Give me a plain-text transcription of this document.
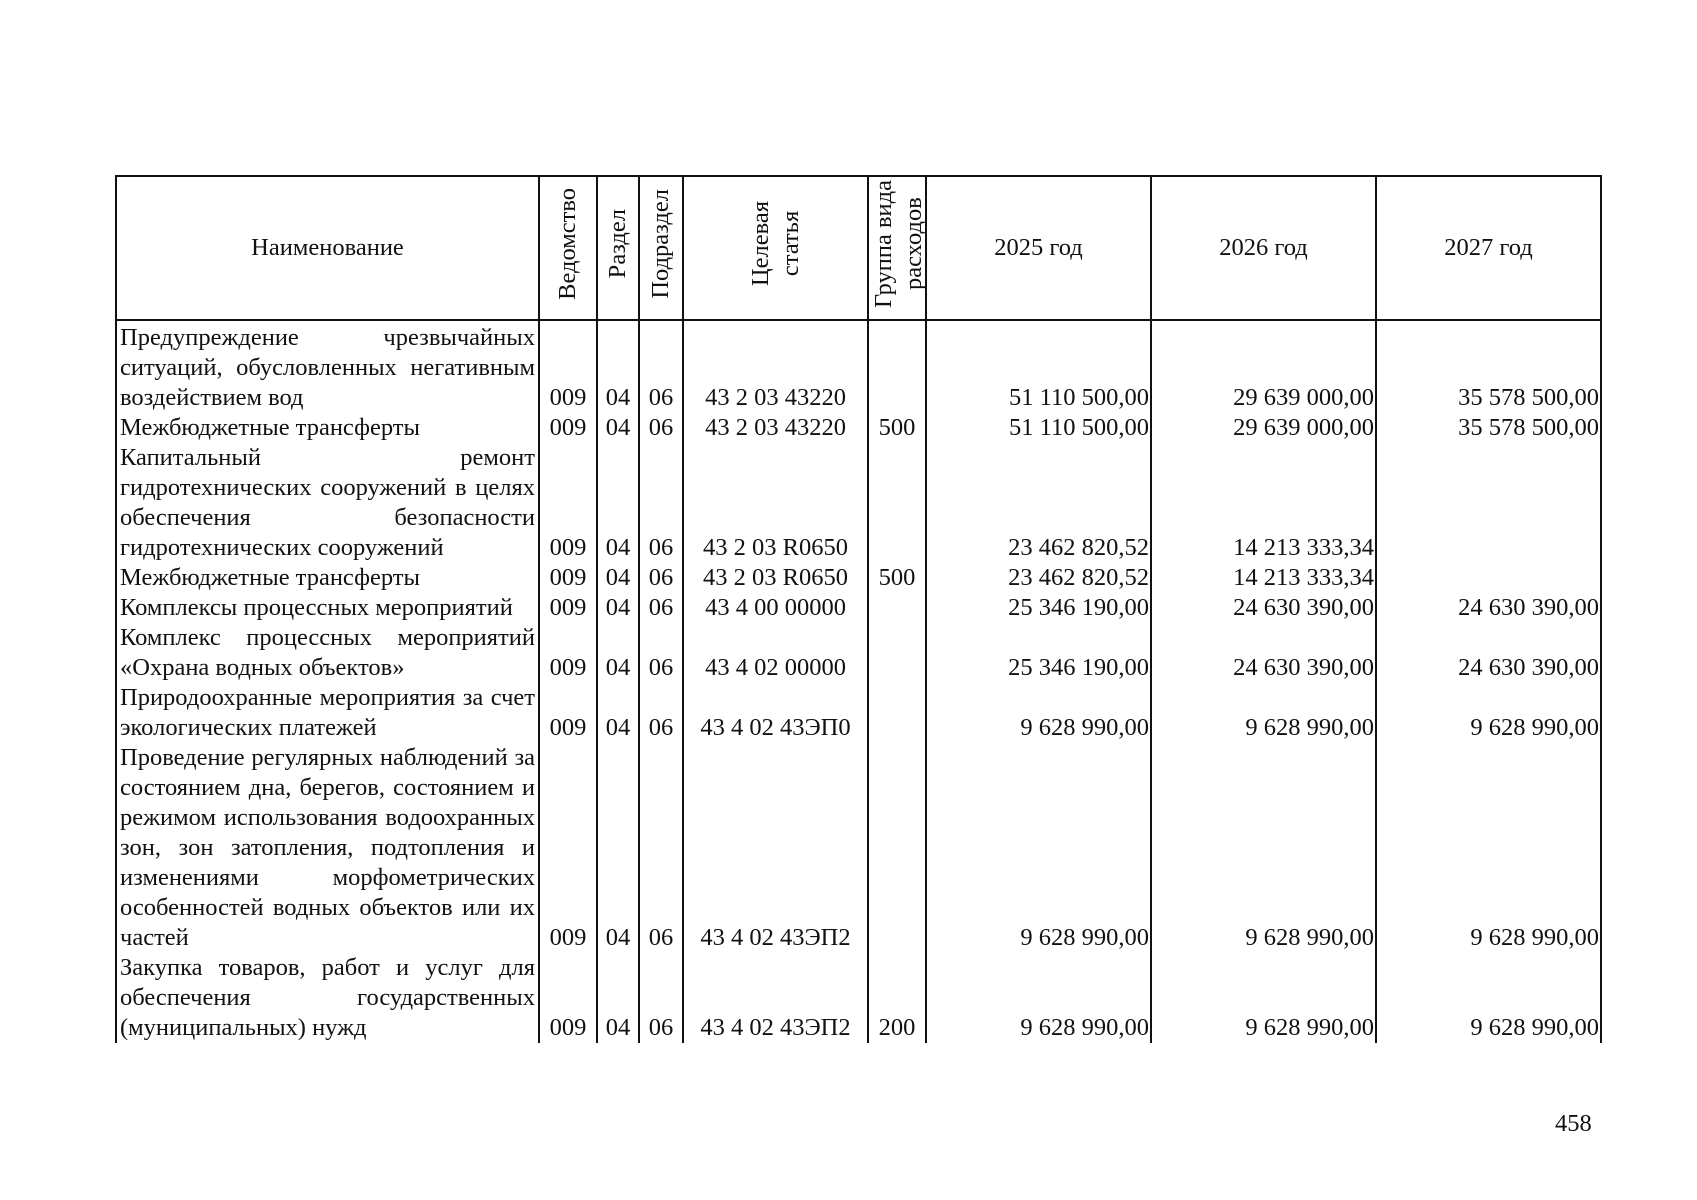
Наименование	Ведомство	Раздел	Подраздел	Целевая статья	Группа вида расходов	2025 год	2026 год	2027 год
Предупреждение чрезвычайных ситуаций, обусловленных негативным воздействием вод	009	04	06	43 2 03 43220		51 110 500,00	29 639 000,00	35 578 500,00
Межбюджетные трансферты	009	04	06	43 2 03 43220	500	51 110 500,00	29 639 000,00	35 578 500,00
Капитальный ремонт гидротехнических сооружений в целях обеспечения безопасности гидротехнических сооружений	009	04	06	43 2 03 R0650		23 462 820,52	14 213 333,34	
Межбюджетные трансферты	009	04	06	43 2 03 R0650	500	23 462 820,52	14 213 333,34	
Комплексы процессных мероприятий	009	04	06	43 4 00 00000		25 346 190,00	24 630 390,00	24 630 390,00
Комплекс процессных мероприятий «Охрана водных объектов»	009	04	06	43 4 02 00000		25 346 190,00	24 630 390,00	24 630 390,00
Природоохранные мероприятия за счет экологических платежей	009	04	06	43 4 02 43ЭП0		9 628 990,00	9 628 990,00	9 628 990,00
Проведение регулярных наблюдений за состоянием дна, берегов, состоянием и режимом использования водоохранных зон, зон затопления, подтопления и изменениями морфометрических особенностей водных объектов или их частей	009	04	06	43 4 02 43ЭП2		9 628 990,00	9 628 990,00	9 628 990,00
Закупка товаров, работ и услуг для обеспечения государственных (муниципальных) нужд	009	04	06	43 4 02 43ЭП2	200	9 628 990,00	9 628 990,00	9 628 990,00
458
